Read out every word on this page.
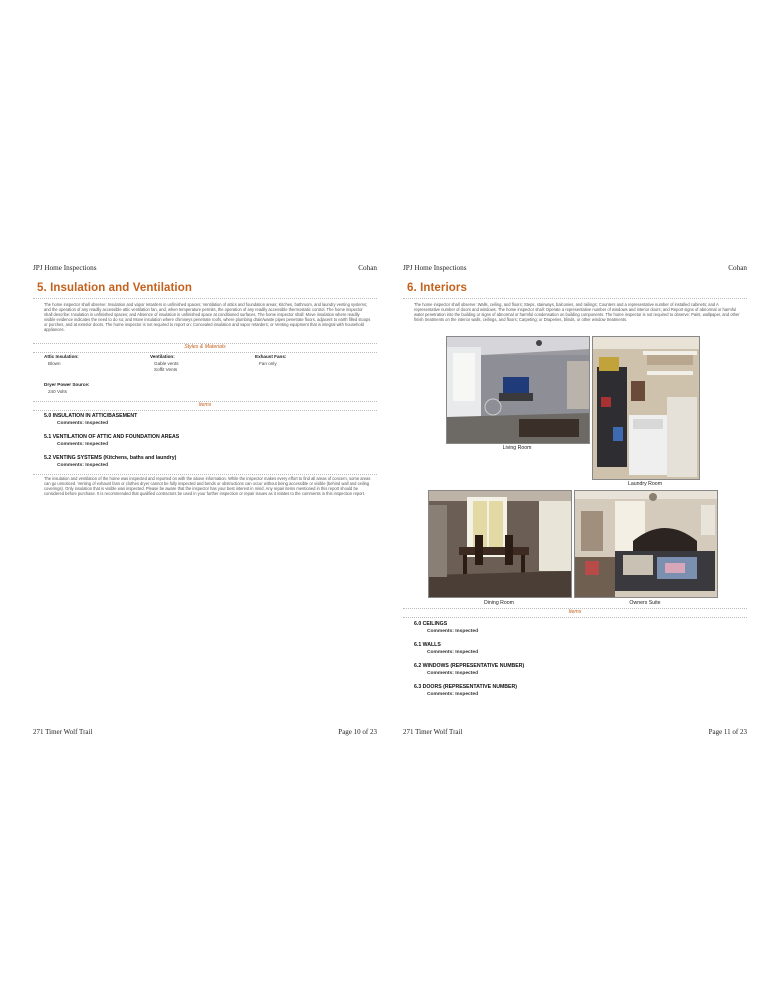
JPJ Home Inspections	Cohan
5. Insulation and Ventilation

The home inspector shall observe: Insulation and vapor retarders in unfinished spaces; Ventilation of attics and foundation areas; Kitchen, bathroom, and laundry venting systems; and the operation of any readily accessible attic ventilation fan, and, when temperature permits, the operation of any readily accessible thermostatic control. The home inspector shall describe: Insulation in unfinished spaces; and Absence of insulation in unfinished space at conditioned surfaces. The home inspector shall: Move insulation where readily visible evidence indicates the need to do so; and Move insulation where chimneys penetrate roofs, where plumbing drain/waste pipes penetrate floors, adjacent to earth filled stoops or porches, and at exterior doors. The home inspector is not required to report on: Concealed insulation and vapor retarders; or Venting equipment that is integral with household appliances.

Styles & Materials
Attic Insulation:
Blown
Ventilation:
Gable vents
Soffit Vents
Exhaust Fans:
Fan only
Dryer Power Source:
240 Volts
Items
5.0 INSULATION IN ATTIC/BASEMENT
Comments: Inspected
5.1 VENTILATION OF ATTIC AND FOUNDATION AREAS
Comments: Inspected
5.2 VENTING SYSTEMS (Kitchens, baths and laundry)
Comments: Inspected

The insulation and ventilation of the home was inspected and reported on with the above information. While the inspector makes every effort to find all areas of concern, some areas can go unnoticed. Venting of exhaust fans or clothes dryer cannot be fully inspected and bends or obstructions can occur without being accessible or visible (behind wall and ceiling coverings). Only insulation that is visible was inspected. Please be aware that the inspector has your best interest in mind. Any repair items mentioned in this report should be considered before purchase. It is recommended that qualified contractors be used in your further inspection or repair issues as it relates to the comments in this inspection report.

271 Timer Wolf Trail	Page 10 of 23
JPJ Home Inspections	Cohan
6. Interiors

The home inspector shall observe: Walls, ceiling, and floors; Steps, stairways, balconies, and railings; Counters and a representative number of installed cabinets; and A representative number of doors and windows. The home inspector shall: Operate a representative number of windows and interior doors; and Report signs of abnormal or harmful water penetration into the building or signs of abnormal or harmful condensation on building components. The home inspector is not required to observe: Paint, wallpaper, and other finish treatments on the interior walls, ceilings, and floors; Carpeting; or Draperies, blinds, or other window treatments.

Living Room
Laundry Room
Dining Room	Owners Suite
Items
6.0 CEILINGS
Comments: Inspected
6.1 WALLS
Comments: Inspected
6.2 WINDOWS (REPRESENTATIVE NUMBER)
Comments: Inspected
6.3 DOORS (REPRESENTATIVE NUMBER)
Comments: Inspected
271 Timer Wolf Trail	Page 11 of 23
